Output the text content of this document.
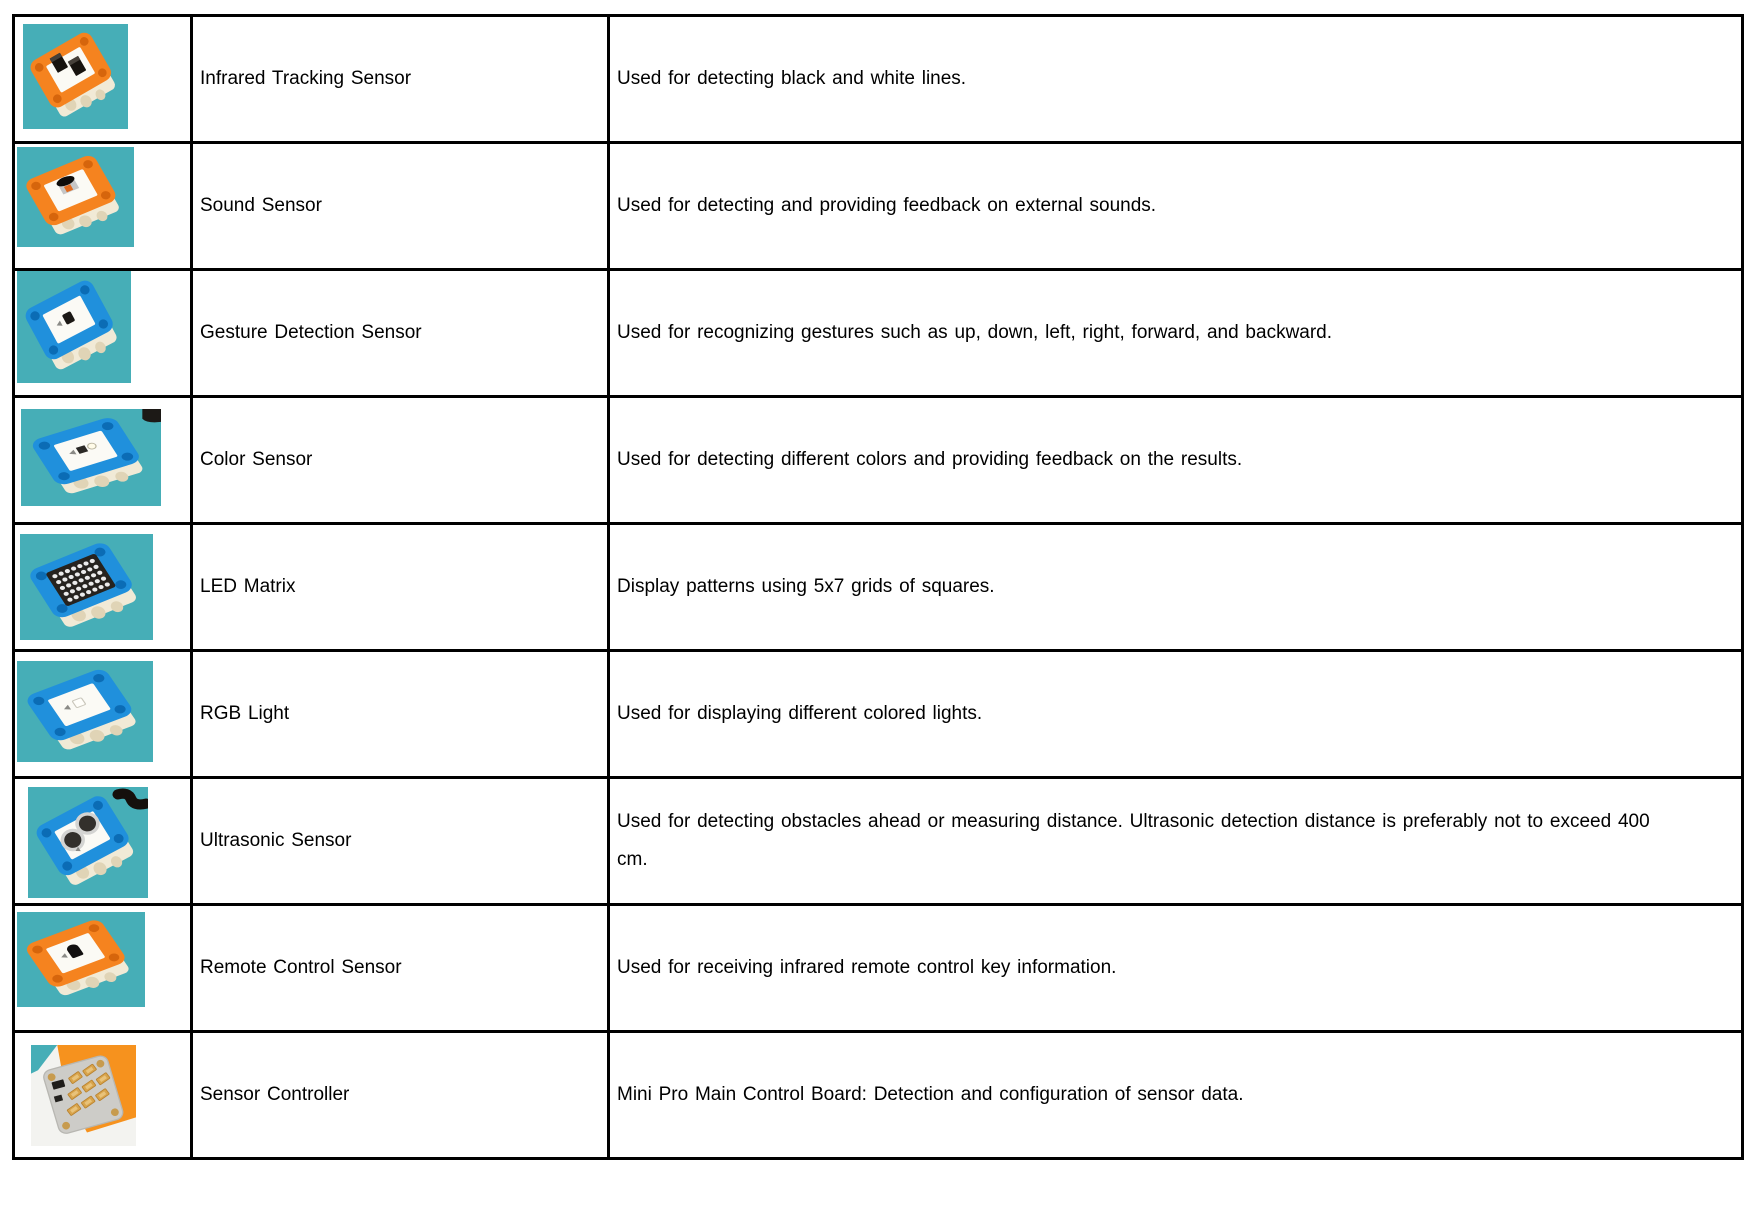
	Infrared Tracking Sensor	Used for detecting black and white lines.

	Sound Sensor	Used for detecting and providing feedback on external sounds.

	Gesture Detection Sensor	Used for recognizing gestures such as up, down, left, right, forward, and backward.

	Color Sensor	Used for detecting different colors and providing feedback on the results.

	LED Matrix	Display patterns using 5x7 grids of squares.

	RGB Light	Used for displaying different colored lights.

	Ultrasonic Sensor	Used for detecting obstacles ahead or measuring distance. Ultrasonic detection distance is preferably not to exceed 400 cm.

	Remote Control Sensor	Used for receiving infrared remote control key information.

	Sensor Controller	Mini Pro Main Control Board: Detection and configuration of sensor data.
